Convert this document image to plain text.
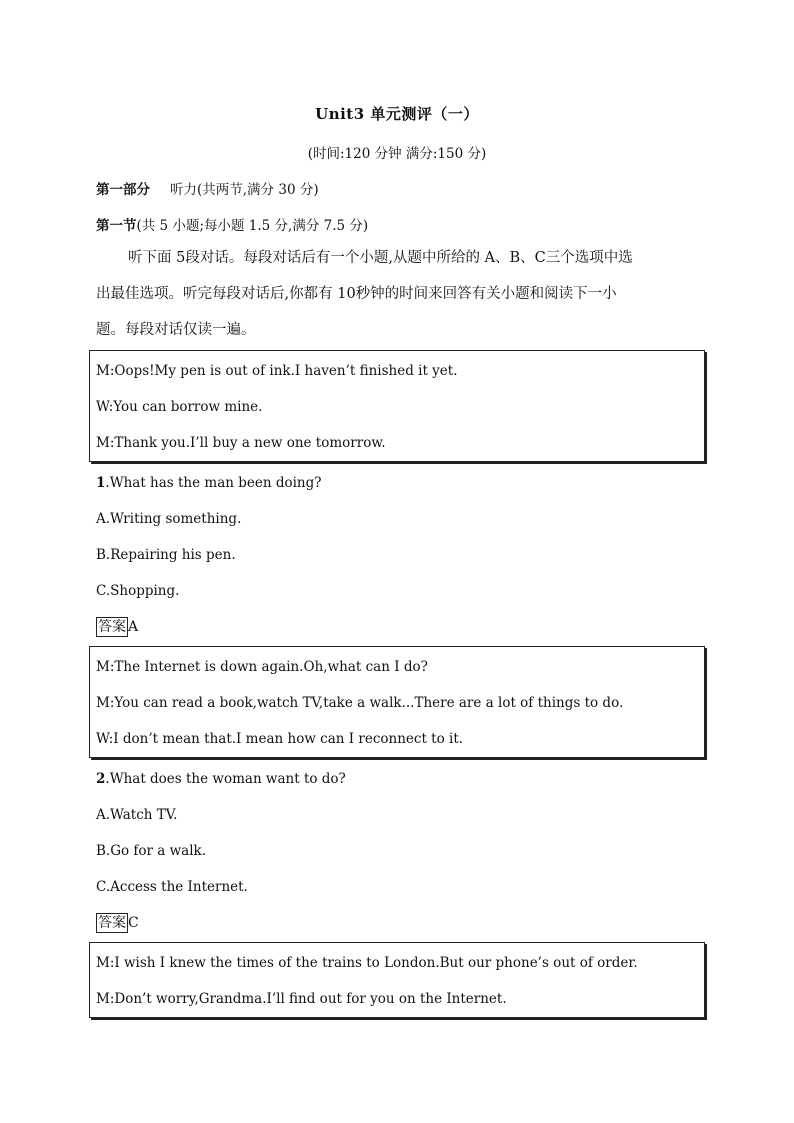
Unit3 单元测评（一）
(时间:120 分钟 满分:150 分)
第一部分 听力(共两节,满分 30 分)
第一节(共 5 小题;每小题 1.5 分,满分 7.5 分)
听下面 5段对话。每段对话后有一个小题,从题中所给的 A、B、C三个选项中选
出最佳选项。听完每段对话后,你都有 10秒钟的时间来回答有关小题和阅读下一小
题。每段对话仅读一遍。
M:Oops!My pen is out of ink.I haven’t finished it yet.
W:You can borrow mine.
M:Thank you.I’ll buy a new one tomorrow.
1.What has the man been doing?
A.Writing something.
B.Repairing his pen.
C.Shopping.
答案 A
M:The Internet is down again.Oh,what can I do?
M:You can read a book,watch TV,take a walk...There are a lot of things to do.
W:I don’t mean that.I mean how can I reconnect to it.
2.What does the woman want to do?
A.Watch TV.
B.Go for a walk.
C.Access the Internet.
答案 C
M:I wish I knew the times of the trains to London.But our phone’s out of order.
M:Don’t worry,Grandma.I’ll find out for you on the Internet.
